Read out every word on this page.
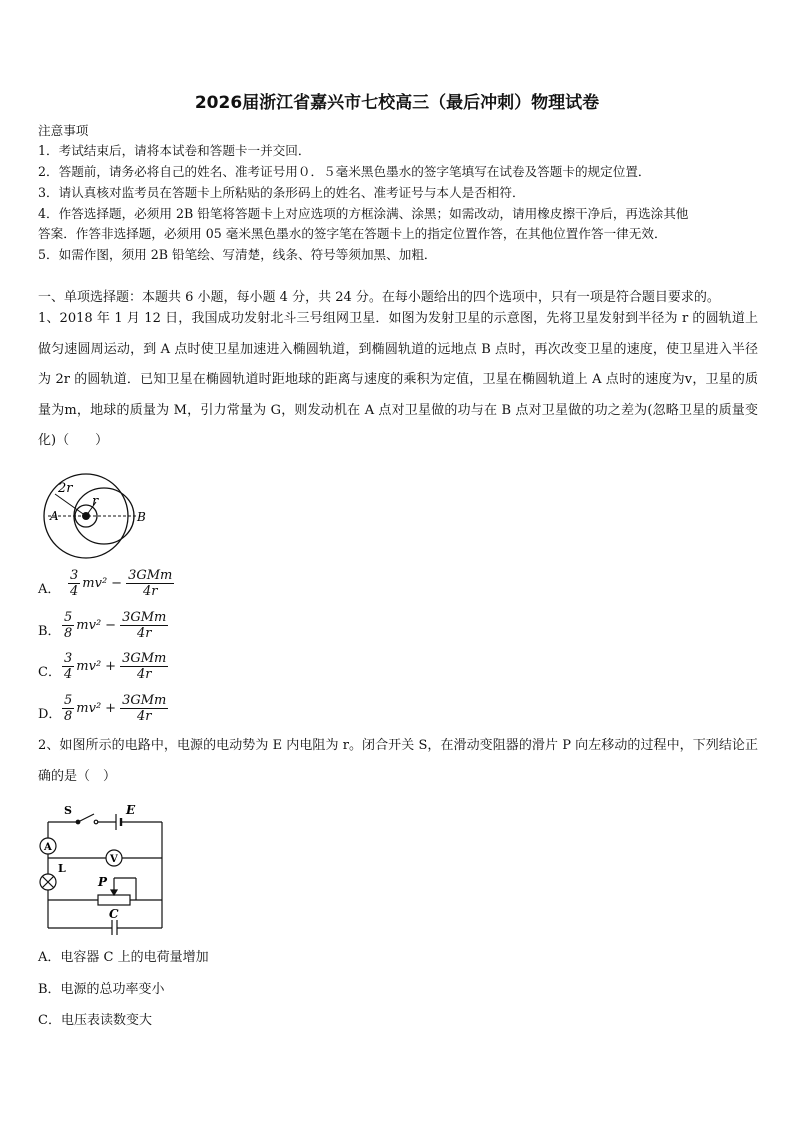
2026届浙江省嘉兴市七校高三（最后冲刺）物理试卷
注意事项
1．考试结束后，请将本试卷和答题卡一并交回．
2．答题前，请务必将自己的姓名、准考证号用０．５毫米黑色墨水的签字笔填写在试卷及答题卡的规定位置．
3．请认真核对监考员在答题卡上所粘贴的条形码上的姓名、准考证号与本人是否相符．
4．作答选择题，必须用 2B 铅笔将答题卡上对应选项的方框涂满、涂黑；如需改动，请用橡皮擦干净后，再选涂其他
答案．作答非选择题，必须用 05 毫米黑色墨水的签字笔在答题卡上的指定位置作答，在其他位置作答一律无效．
5．如需作图，须用 2B 铅笔绘、写清楚，线条、符号等须加黑、加粗．
一、单项选择题：本题共 6 小题，每小题 4 分，共 24 分。在每小题给出的四个选项中，只有一项是符合题目要求的。
1、2018 年 1 月 12 日，我国成功发射北斗三号组网卫星．如图为发射卫星的示意图，先将卫星发射到半径为 r 的圆轨道上做匀速圆周运动，到 A 点时使卫星加速进入椭圆轨道，到椭圆轨道的远地点 B 点时，再次改变卫星的速度，使卫星进入半径为 2r 的圆轨道．已知卫星在椭圆轨道时距地球的距离与速度的乘积为定值，卫星在椭圆轨道上 A 点时的速度为v，卫星的质量为m，地球的质量为 M，引力常量为 G，则发动机在 A 点对卫星做的功与在 B 点对卫星做的功之差为(忽略卫星的质量变化)（　　）
2r
r
A	B
A． $\frac{3}{4} mv^2 - \frac{\text{3GMm}}{4r}$
B． $\frac{5}{8} mv^2 - \frac{\text{3GMm}}{4r}$
C． $\frac{3}{4} mv^2 + \frac{\text{3GMm}}{4r}$
D． $\frac{5}{8} mv^2 + \frac{\text{3GMm}}{4r}$
2、如图所示的电路中，电源的电动势为 E 内电阻为 r。闭合开关 S，在滑动变阻器的滑片 P 向左移动的过程中，下列结论正确的是（　）
S	E
A
V
L
P
C
A．电容器 C 上的电荷量增加
B．电源的总功率变小
C．电压表读数变大
